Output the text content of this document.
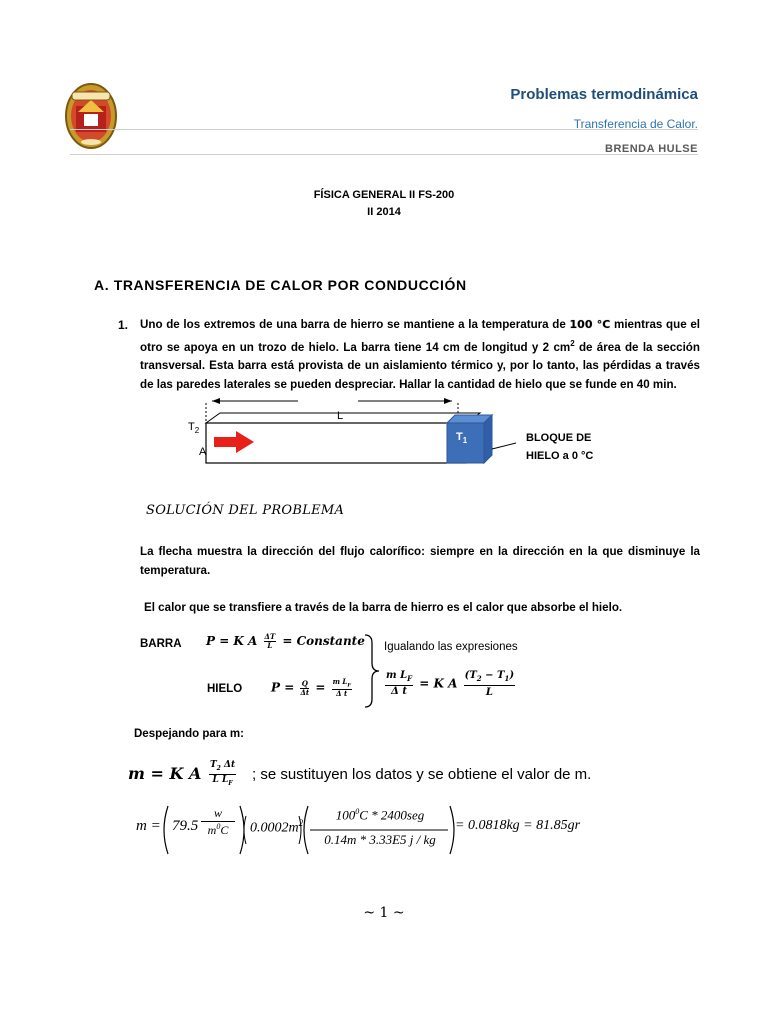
Problemas termodinámica
Transferencia de Calor.
BRENDA HULSE
FÍSICA GENERAL II FS-200
II 2014
A. TRANSFERENCIA DE CALOR POR CONDUCCIÓN
1. Uno de los extremos de una barra de hierro se mantiene a la temperatura de 100 °C mientras que el otro se apoya en un trozo de hielo. La barra tiene 14 cm de longitud y 2 $cm^2$ de área de la sección transversal. Esta barra está provista de un aislamiento térmico y, por lo tanto, las pérdidas a través de las paredes laterales se pueden despreciar. Hallar la cantidad de hielo que se funde en 40 min.
$T_2$
A
L
$T_1$	BLOQUE DE
HIELO a 0 °C
SOLUCIÓN DEL PROBLEMA
La flecha muestra la dirección del flujo calorífico: siempre en la dirección en la que disminuye la temperatura.
El calor que se transfiere a través de la barra de hierro es el calor que absorbe el hielo.
BARRA P = K A $\frac{\Delta T}{L}$ = Constante Igualando las expresiones
HIELO $P = \frac{Q}{\Delta t} = \frac{m L_F}{\text{Δ t}}$	$\frac{m L_F}{\text{Δ t}} = K$ A $\frac{(T_2 - T_1)}{L}$
Despejando para m:
m = K A $\frac{T_2 \Delta t}{L L_F}$ ; se sustituyen los datos y se obtiene el valor de m.
m = 79.5
w
$m^0C$	$0.0002m^2$
$100^0C * 2400seg$
0.14m * 3.33E5 j / kg
= 0.0818kg = 81.85gr
~ 1 ~
